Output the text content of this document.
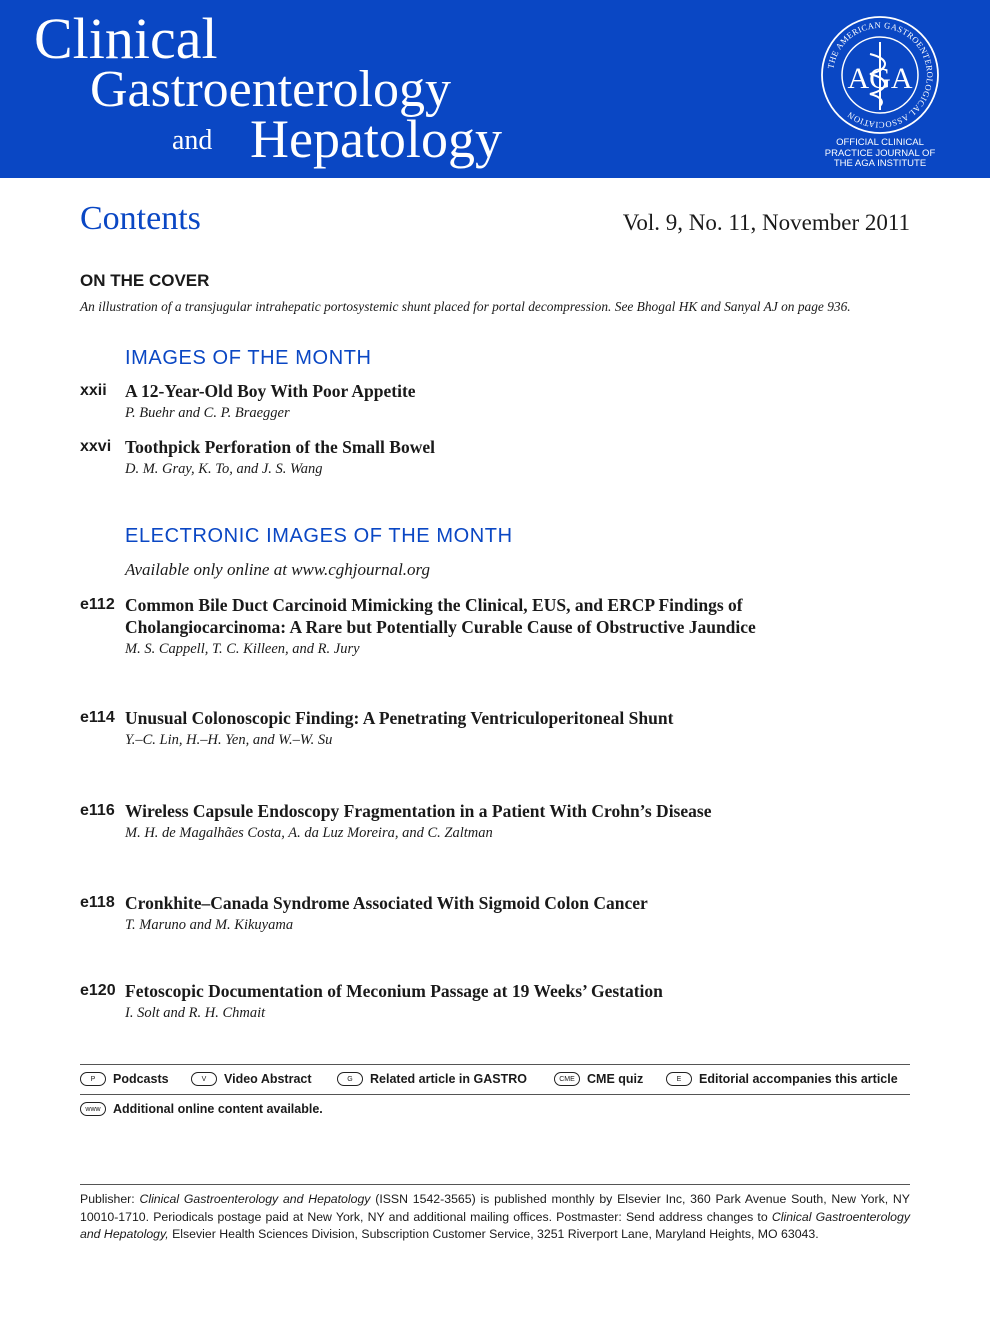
Clinical
Gastroenterology
and Hepatology
THE AMERICAN GASTROENTEROLOGICAL ASSOCIATION
AGA
OFFICIAL CLINICAL
PRACTICE JOURNAL OF
THE AGA INSTITUTE
Contents	Vol. 9, No. 11, November 2011
ON THE COVER
An illustration of a transjugular intrahepatic portosystemic shunt placed for portal decompression. See Bhogal HK and Sanyal AJ on page 936.
IMAGES OF THE MONTH
xxii A 12-Year-Old Boy With Poor Appetite
P. Buehr and C. P. Braegger
xxvi Toothpick Perforation of the Small Bowel
D. M. Gray, K. To, and J. S. Wang
ELECTRONIC IMAGES OF THE MONTH
Available only online at www.cghjournal.org
e112 Common Bile Duct Carcinoid Mimicking the Clinical, EUS, and ERCP Findings of
Cholangiocarcinoma: A Rare but Potentially Curable Cause of Obstructive Jaundice
M. S. Cappell, T. C. Killeen, and R. Jury
e114 Unusual Colonoscopic Finding: A Penetrating Ventriculoperitoneal Shunt
Y.–C. Lin, H.–H. Yen, and W.–W. Su
e116 Wireless Capsule Endoscopy Fragmentation in a Patient With Crohn’s Disease
M. H. de Magalhães Costa, A. da Luz Moreira, and C. Zaltman
e118 Cronkhite–Canada Syndrome Associated With Sigmoid Colon Cancer
T. Maruno and M. Kikuyama
e120 Fetoscopic Documentation of Meconium Passage at 19 Weeks’ Gestation
I. Solt and R. H. Chmait
P	Podcasts	V	Video Abstract	G	Related article in GASTRO	CME CME quiz	E	Editorial accompanies this article
www Additional online content available.
Publisher: Clinical Gastroenterology and Hepatology (ISSN 1542-3565) is published monthly by Elsevier Inc, 360 Park Avenue South, New York, NY 10010-1710. Periodicals postage paid at New York, NY and additional mailing offices. Postmaster: Send address changes to Clinical Gastroenterology and Hepatology, Elsevier Health Sciences Division, Subscription Customer Service, 3251 Riverport Lane, Maryland Heights, MO 63043.
